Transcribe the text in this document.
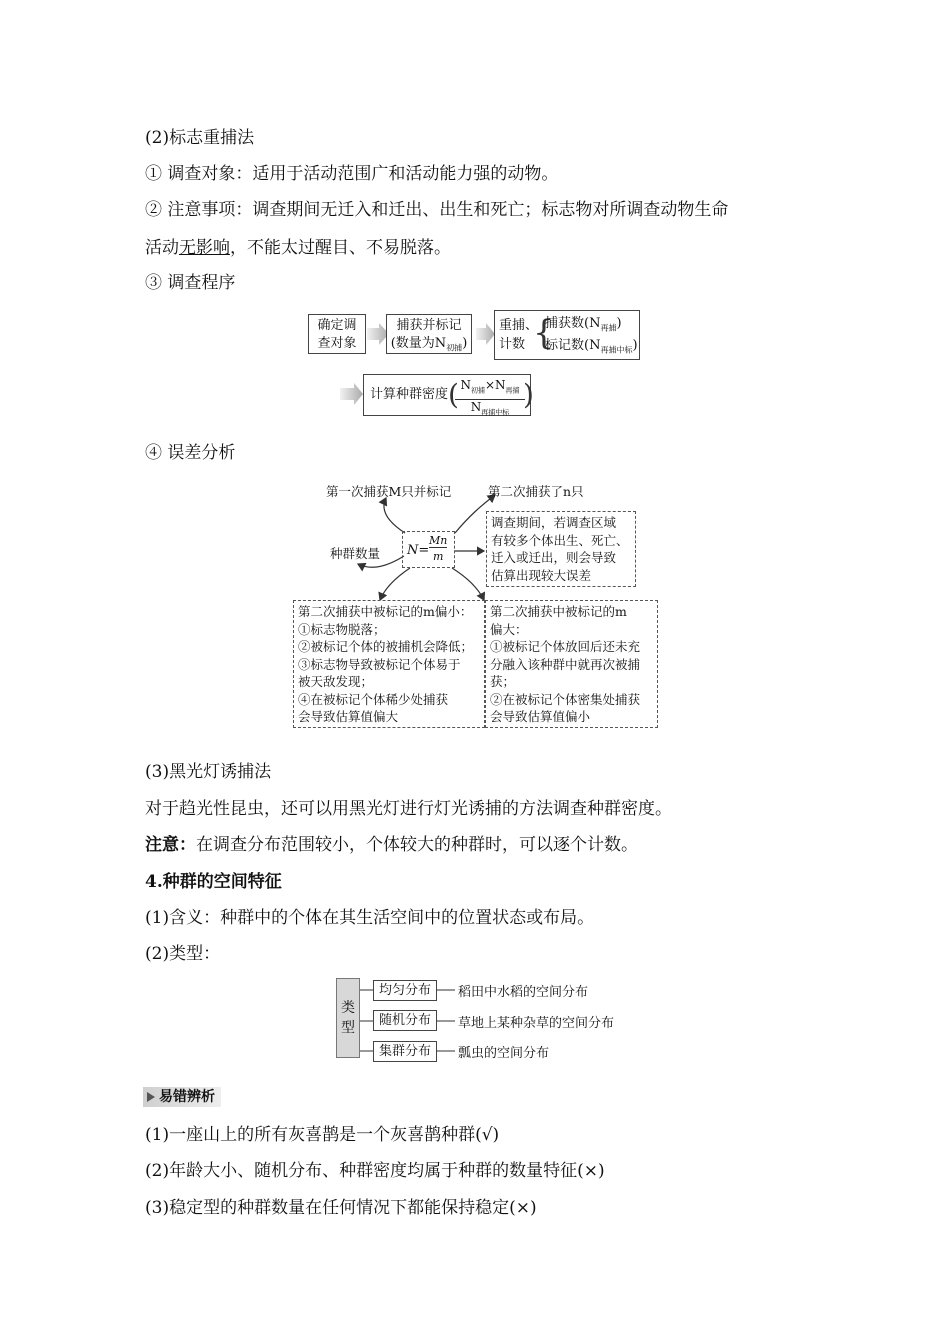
(2)标志重捕法
① 调查对象：适用于活动范围广和活动能力强的动物。
② 注意事项：调查期间无迁入和迁出、出生和死亡；标志物对所调查动物生命
活动无影响，不能太过醒目、不易脱落。
③ 调查程序
确定调
查对象
捕获并标记
(数量为$N_{初捕}$)
重捕、
计数 {
捕获数$(N_{再捕})$
标记数$(N_{再捕中标})$
计算种群密度 ( $N_{初捕}\times N_{再捕}$
$N_{再捕中标}$
)
④ 误差分析
第一次捕获M只并标记	第二次捕获了n只
种群数量 N=
Mn
m
调查期间，若调查区域
有较多个体出生、死亡、
迁入或迁出，则会导致
估算出现较大误差
第二次捕获中被标记的m偏小：
①标志物脱落；
②被标记个体的被捕机会降低；
③标志物导致被标记个体易于
被天敌发现；
④在被标记个体稀少处捕获
会导致估算值偏大
第二次捕获中被标记的m
偏大：
①被标记个体放回后还未充
分融入该种群中就再次被捕
获；
②在被标记个体密集处捕获
会导致估算值偏小
(3)黑光灯诱捕法
对于趋光性昆虫，还可以用黑光灯进行灯光诱捕的方法调查种群密度。
注意：在调查分布范围较小，个体较大的种群时，可以逐个计数。
4.种群的空间特征
(1)含义：种群中的个体在其生活空间中的位置状态或布局。
(2)类型：
类
型
均匀分布
随机分布
集群分布
稻田中水稻的空间分布
草地上某种杂草的空间分布
瓢虫的空间分布
易错辨析
(1)一座山上的所有灰喜鹊是一个灰喜鹊种群(√)
(2)年龄大小、随机分布、种群密度均属于种群的数量特征(×)
(3)稳定型的种群数量在任何情况下都能保持稳定(×)
